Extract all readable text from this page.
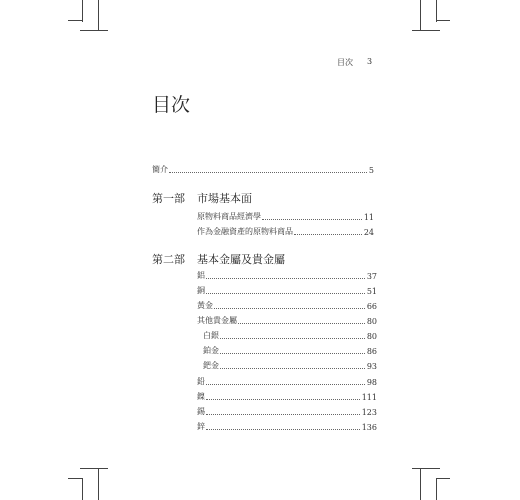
目次 3
目次
簡介	5
第一部 市場基本面
原物料商品經濟學	11
作為金融資產的原物料商品	24
第二部 基本金屬及貴金屬
鋁	37
銅	51
黃金	66
其他貴金屬	80
白銀	80
鉑金	86
鈀金	93
鉛	98
鎳	111
錫	123
鋅	136
